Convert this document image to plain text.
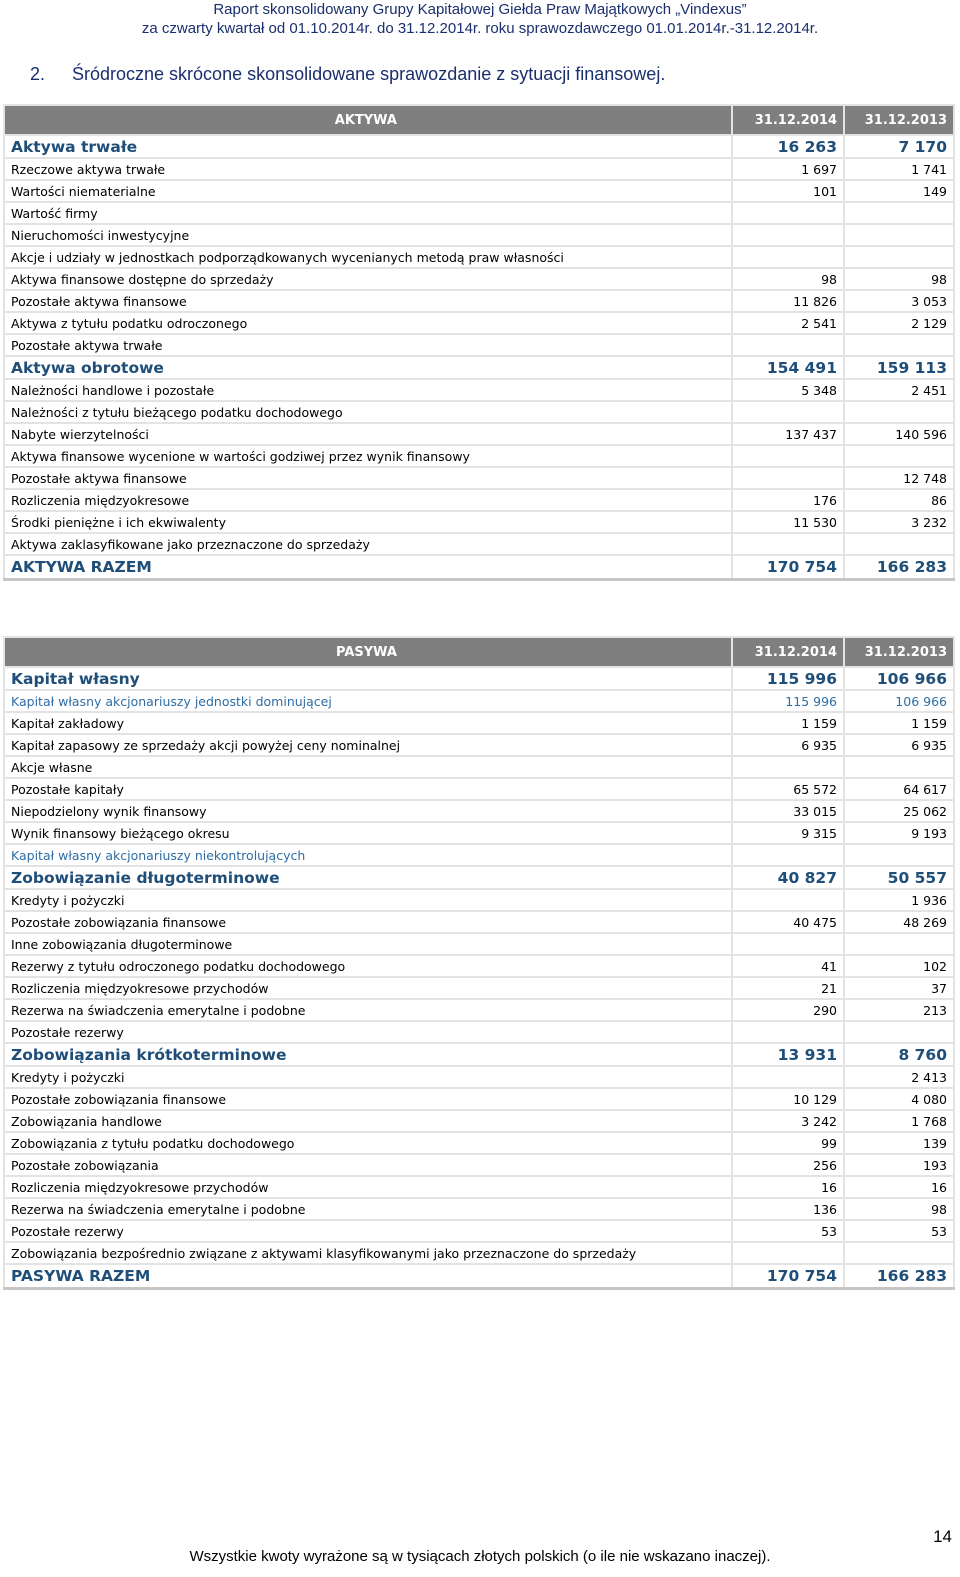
Raport skonsolidowany Grupy Kapitałowej Giełda Praw Majątkowych „Vindexus”
za czwarty kwartał od 01.10.2014r. do 31.12.2014r. roku sprawozdawczego 01.01.2014r.-31.12.2014r.
2. Śródroczne skrócone skonsolidowane sprawozdanie z sytuacji finansowej.
AKTYWA	31.12.2014	31.12.2013
Aktywa trwałe	16 263	7 170
Rzeczowe aktywa trwałe	1 697	1 741
Wartości niematerialne	101	149
Wartość firmy		
Nieruchomości inwestycyjne		
Akcje i udziały w jednostkach podporządkowanych wycenianych metodą praw własności		
Aktywa finansowe dostępne do sprzedaży	98	98
Pozostałe aktywa finansowe	11 826	3 053
Aktywa z tytułu podatku odroczonego	2 541	2 129
Pozostałe aktywa trwałe		
Aktywa obrotowe	154 491	159 113
Należności handlowe i pozostałe	5 348	2 451
Należności z tytułu bieżącego podatku dochodowego		
Nabyte wierzytelności	137 437	140 596
Aktywa finansowe wycenione w wartości godziwej przez wynik finansowy		
Pozostałe aktywa finansowe		12 748
Rozliczenia międzyokresowe	176	86
Środki pieniężne i ich ekwiwalenty	11 530	3 232
Aktywa zaklasyfikowane jako przeznaczone do sprzedaży		
AKTYWA RAZEM	170 754	166 283
PASYWA	31.12.2014	31.12.2013
Kapitał własny	115 996	106 966
Kapitał własny akcjonariuszy jednostki dominującej	115 996	106 966
Kapitał zakładowy	1 159	1 159
Kapitał zapasowy ze sprzedaży akcji powyżej ceny nominalnej	6 935	6 935
Akcje własne		
Pozostałe kapitały	65 572	64 617
Niepodzielony wynik finansowy	33 015	25 062
Wynik finansowy bieżącego okresu	9 315	9 193
Kapitał własny akcjonariuszy niekontrolujących		
Zobowiązanie długoterminowe	40 827	50 557
Kredyty i pożyczki		1 936
Pozostałe zobowiązania finansowe	40 475	48 269
Inne zobowiązania długoterminowe		
Rezerwy z tytułu odroczonego podatku dochodowego	41	102
Rozliczenia międzyokresowe przychodów	21	37
Rezerwa na świadczenia emerytalne i podobne	290	213
Pozostałe rezerwy		
Zobowiązania krótkoterminowe	13 931	8 760
Kredyty i pożyczki		2 413
Pozostałe zobowiązania finansowe	10 129	4 080
Zobowiązania handlowe	3 242	1 768
Zobowiązania z tytułu podatku dochodowego	99	139
Pozostałe zobowiązania	256	193
Rozliczenia międzyokresowe przychodów	16	16
Rezerwa na świadczenia emerytalne i podobne	136	98
Pozostałe rezerwy	53	53
Zobowiązania bezpośrednio związane z aktywami klasyfikowanymi jako przeznaczone do sprzedaży		
PASYWA RAZEM	170 754	166 283
14
Wszystkie kwoty wyrażone są w tysiącach złotych polskich (o ile nie wskazano inaczej).
